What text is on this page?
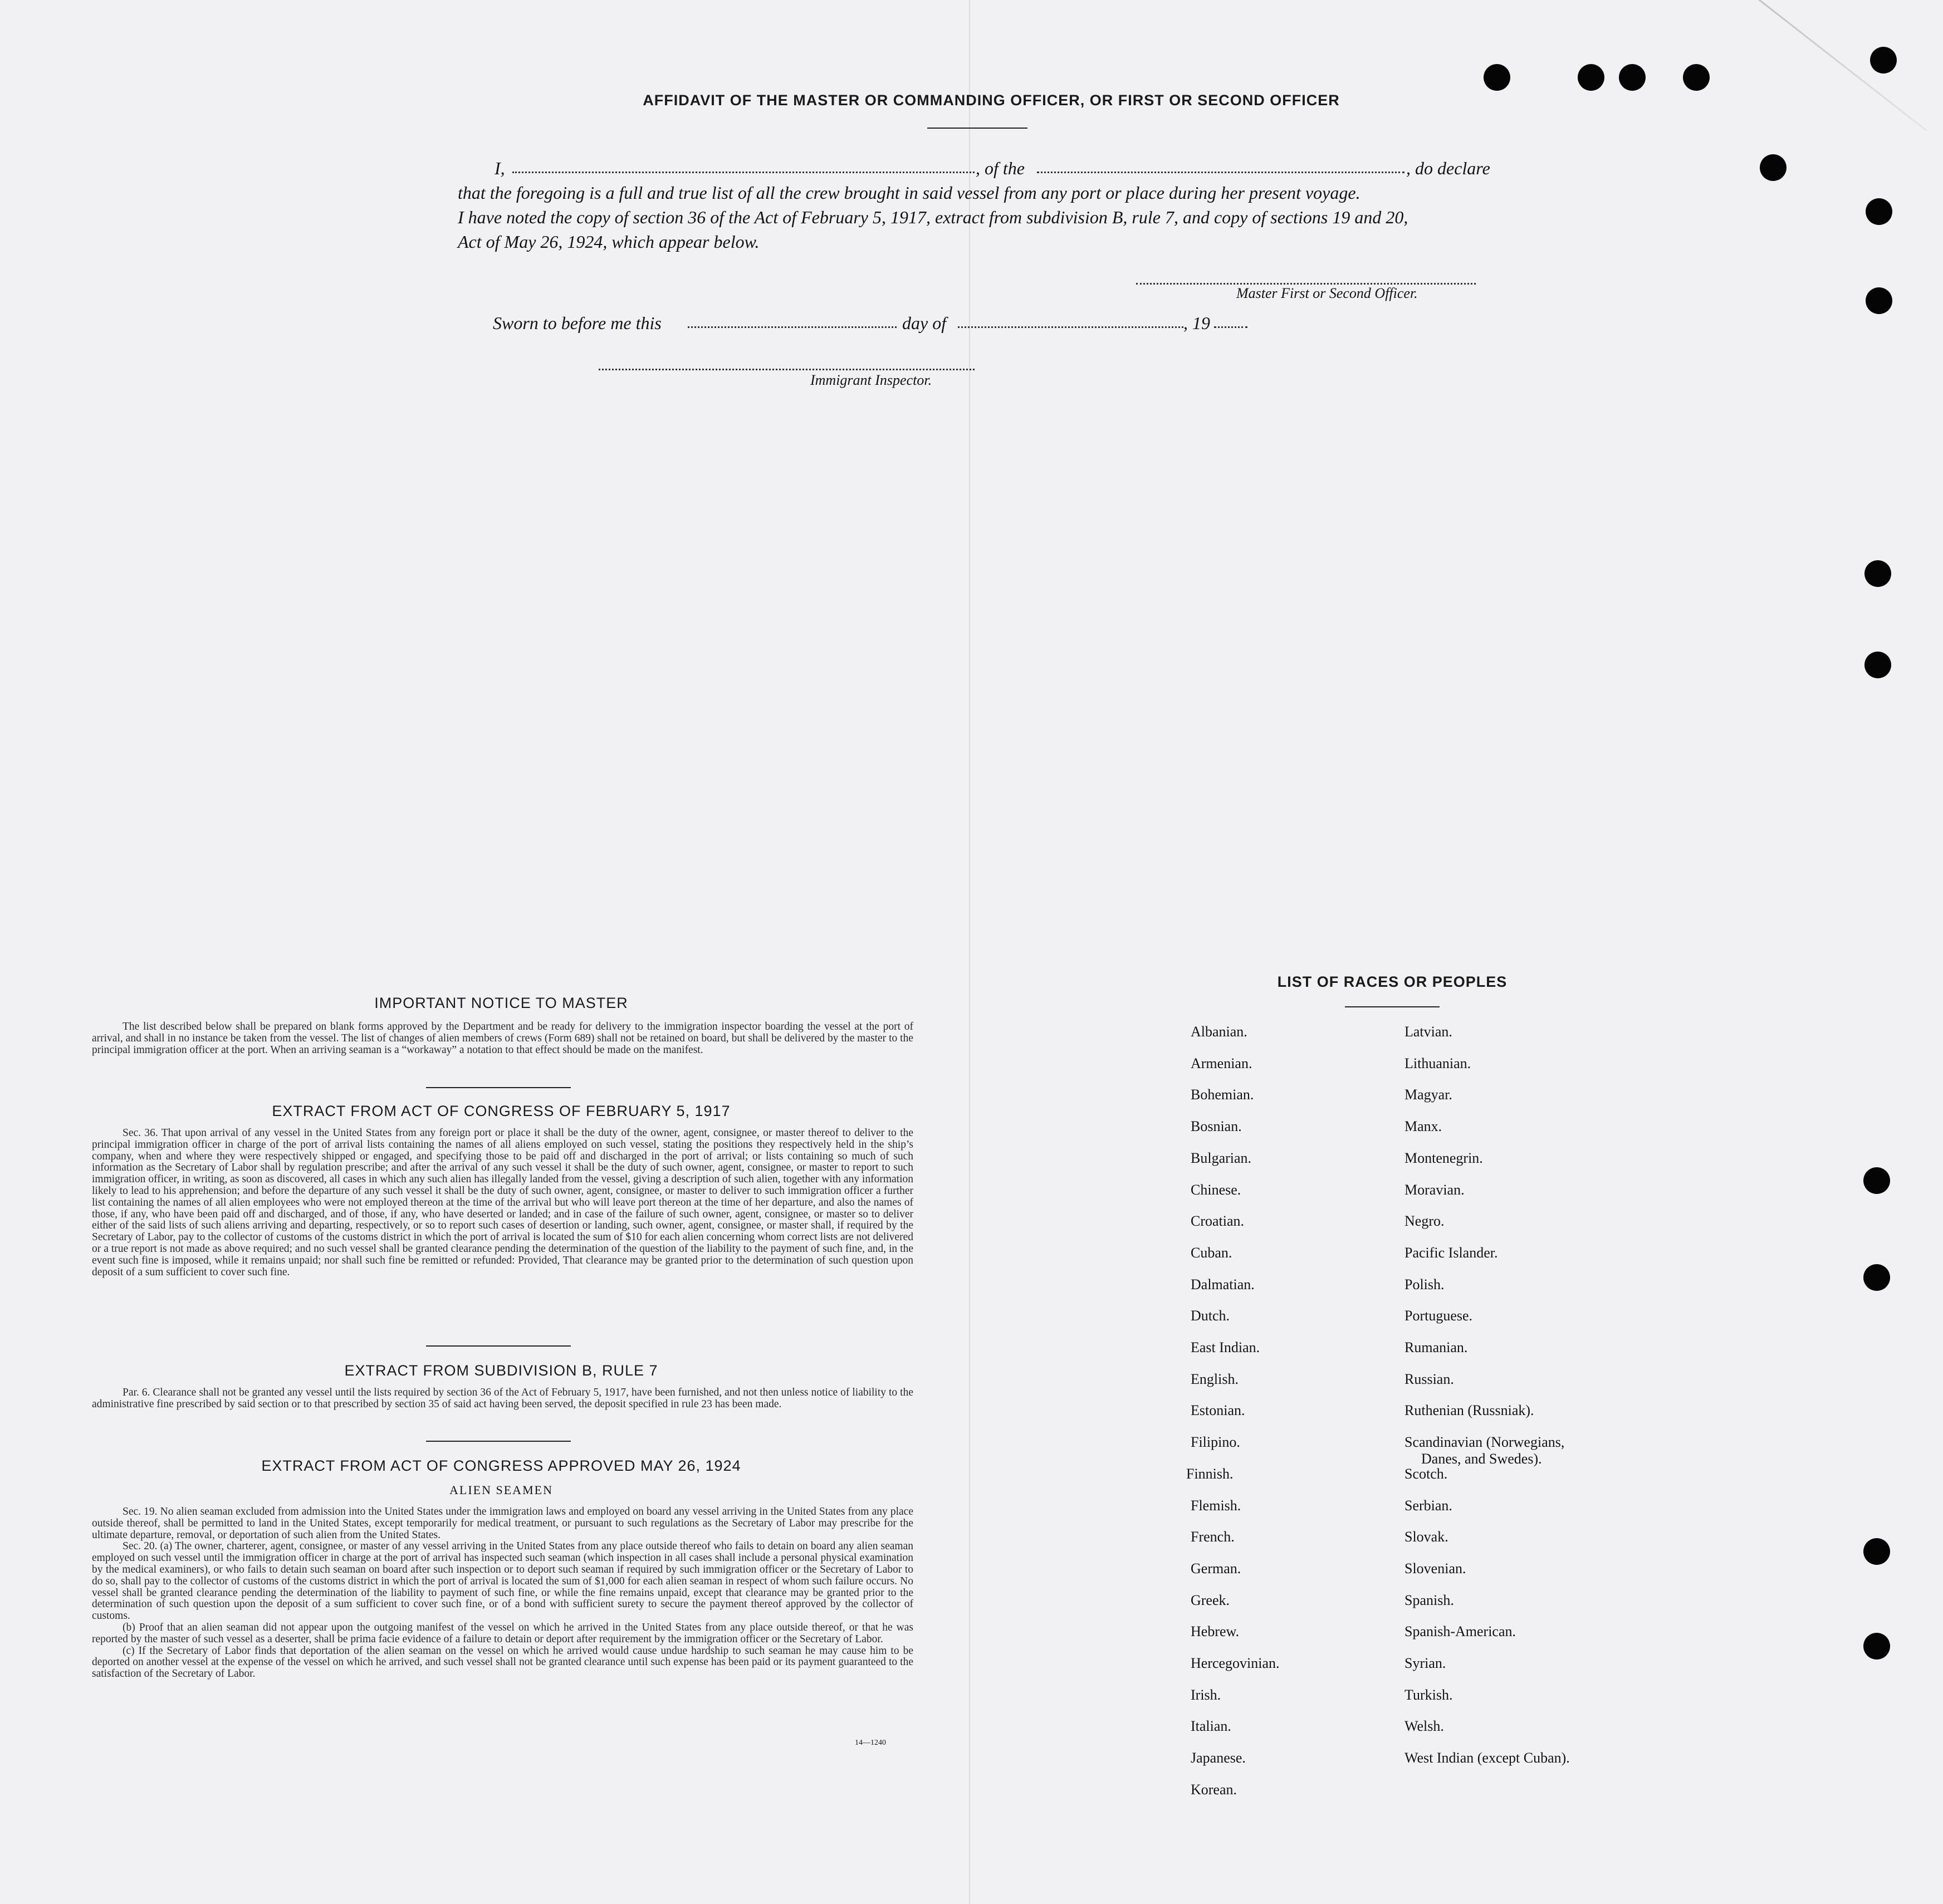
AFFIDAVIT OF THE MASTER OR COMMANDING OFFICER, OR FIRST OR SECOND OFFICER
I,	, of the	, do declare
that the foregoing is a full and true list of all the crew brought in said vessel from any port or place during her present voyage.
I have noted the copy of section 36 of the Act of February 5, 1917, extract from subdivision B, rule 7, and copy of sections 19 and 20,
Act of May 26, 1924, which appear below.
Master First or Second Officer.
Sworn to before me this	day of	, 19
Immigrant Inspector.
IMPORTANT NOTICE TO MASTER
The list described below shall be prepared on blank forms approved by the Department and be ready for delivery to the immigration inspector boarding the vessel at the port of arrival, and shall in no instance be taken from the vessel. The list of changes of alien members of crews (Form 689) shall not be retained on board, but shall be delivered by the master to the principal immigration officer at the port. When an arriving seaman is a “workaway” a notation to that effect should be made on the manifest.
EXTRACT FROM ACT OF CONGRESS OF FEBRUARY 5, 1917
Sec. 36. That upon arrival of any vessel in the United States from any foreign port or place it shall be the duty of the owner, agent, consignee, or master thereof to deliver to the principal immigration officer in charge of the port of arrival lists containing the names of all aliens employed on such vessel, stating the positions they respectively held in the ship’s company, when and where they were respectively shipped or engaged, and specifying those to be paid off and discharged in the port of arrival; or lists containing so much of such information as the Secretary of Labor shall by regulation prescribe; and after the arrival of any such vessel it shall be the duty of such owner, agent, consignee, or master to report to such immigration officer, in writing, as soon as discovered, all cases in which any such alien has illegally landed from the vessel, giving a description of such alien, together with any information likely to lead to his apprehension; and before the departure of any such vessel it shall be the duty of such owner, agent, consignee, or master to deliver to such immigration officer a further list containing the names of all alien employees who were not employed thereon at the time of the arrival but who will leave port thereon at the time of her departure, and also the names of those, if any, who have been paid off and discharged, and of those, if any, who have deserted or landed; and in case of the failure of such owner, agent, consignee, or master so to deliver either of the said lists of such aliens arriving and departing, respectively, or so to report such cases of desertion or landing, such owner, agent, consignee, or master shall, if required by the Secretary of Labor, pay to the collector of customs of the customs district in which the port of arrival is located the sum of $10 for each alien concerning whom correct lists are not delivered or a true report is not made as above required; and no such vessel shall be granted clearance pending the determination of the question of the liability to the payment of such fine, and, in the event such fine is imposed, while it remains unpaid; nor shall such fine be remitted or refunded: Provided, That clearance may be granted prior to the determination of such question upon deposit of a sum sufficient to cover such fine.
EXTRACT FROM SUBDIVISION B, RULE 7
Par. 6. Clearance shall not be granted any vessel until the lists required by section 36 of the Act of February 5, 1917, have been furnished, and not then unless notice of liability to the administrative fine prescribed by said section or to that prescribed by section 35 of said act having been served, the deposit specified in rule 23 has been made.
EXTRACT FROM ACT OF CONGRESS APPROVED MAY 26, 1924
ALIEN SEAMEN

Sec. 19. No alien seaman excluded from admission into the United States under the immigration laws and employed on board any vessel arriving in the United States from any place outside thereof, shall be permitted to land in the United States, except temporarily for medical treatment, or pursuant to such regulations as the Secretary of Labor may prescribe for the ultimate departure, removal, or deportation of such alien from the United States.

Sec. 20. (a) The owner, charterer, agent, consignee, or master of any vessel arriving in the United States from any place outside thereof who fails to detain on board any alien seaman employed on such vessel until the immigration officer in charge at the port of arrival has inspected such seaman (which inspection in all cases shall include a personal physical examination by the medical examiners), or who fails to detain such seaman on board after such inspection or to deport such seaman if required by such immigration officer or the Secretary of Labor to do so, shall pay to the collector of customs of the customs district in which the port of arrival is located the sum of $1,000 for each alien seaman in respect of whom such failure occurs. No vessel shall be granted clearance pending the determination of the liability to payment of such fine, or while the fine remains unpaid, except that clearance may be granted prior to the determination of such question upon the deposit of a sum sufficient to cover such fine, or of a bond with sufficient surety to secure the payment thereof approved by the collector of customs.

(b) Proof that an alien seaman did not appear upon the outgoing manifest of the vessel on which he arrived in the United States from any place outside thereof, or that he was reported by the master of such vessel as a deserter, shall be prima facie evidence of a failure to detain or deport after requirement by the immigration officer or the Secretary of Labor.

(c) If the Secretary of Labor finds that deportation of the alien seaman on the vessel on which he arrived would cause undue hardship to such seaman he may cause him to be deported on another vessel at the expense of the vessel on which he arrived, and such vessel shall not be granted clearance until such expense has been paid or its payment guaranteed to the satisfaction of the Secretary of Labor.

14—1240
LIST OF RACES OR PEOPLES
Albanian.
Armenian.
Bohemian.
Bosnian.
Bulgarian.
Chinese.
Croatian.
Cuban.
Dalmatian.
Dutch.
East Indian.
English.
Estonian.
Filipino.
Finnish.
Flemish.
French.
German.
Greek.
Hebrew.
Hercegovinian.
Irish.
Italian.
Japanese.
Korean.
Latvian.
Lithuanian.
Magyar.
Manx.
Montenegrin.
Moravian.
Negro.
Pacific Islander.
Polish.
Portuguese.
Rumanian.
Russian.
Ruthenian (Russniak).
Scandinavian (Norwegians,
Danes, and Swedes).
Scotch.
Serbian.
Slovak.
Slovenian.
Spanish.
Spanish-American.
Syrian.
Turkish.
Welsh.
West Indian (except Cuban).
